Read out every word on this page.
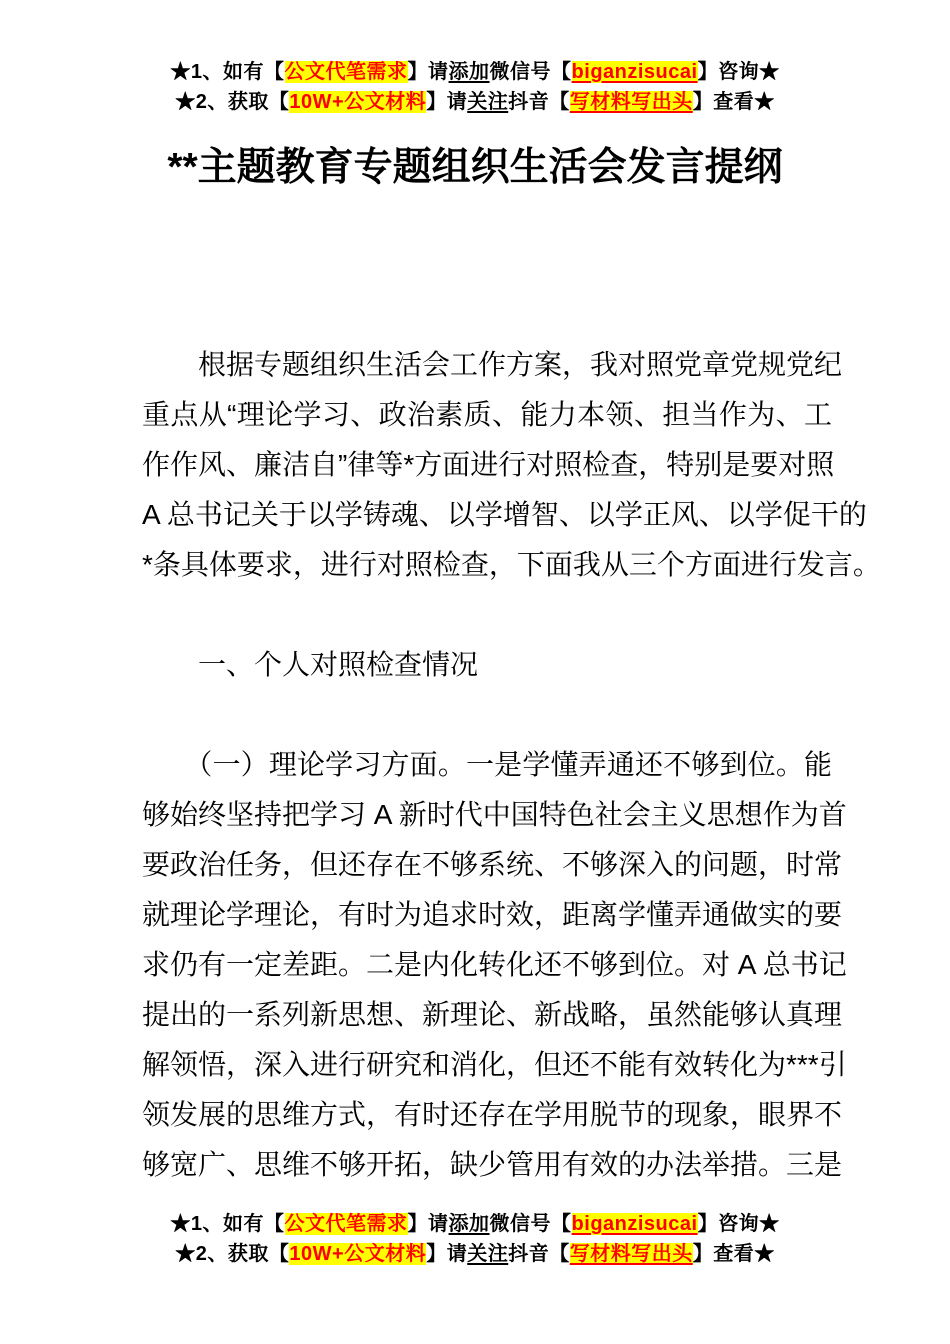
★1、如有【公文代笔需求】请添加微信号【biganzisucai】咨询★
★2、获取【10W+公文材料】请关注抖音【写材料写出头】查看★
**主题教育专题组织生活会发言提纲
　　根据专题组织生活会工作方案，我对照党章党规党纪
重点从“理论学习、政治素质、能力本领、担当作为、工
作作风、廉洁自”律等*方面进行对照检查，特别是要对照
A 总书记关于以学铸魂、以学增智、以学正风、以学促干的
*条具体要求，进行对照检查，下面我从三个方面进行发言。
　　一、个人对照检查情况
　　（一）理论学习方面。一是学懂弄通还不够到位。能
够始终坚持把学习 A 新时代中国特色社会主义思想作为首
要政治任务，但还存在不够系统、不够深入的问题，时常
就理论学理论，有时为追求时效，距离学懂弄通做实的要
求仍有一定差距。二是内化转化还不够到位。对 A 总书记
提出的一系列新思想、新理论、新战略，虽然能够认真理
解领悟，深入进行研究和消化，但还不能有效转化为***引
领发展的思维方式，有时还存在学用脱节的现象，眼界不
够宽广、思维不够开拓，缺少管用有效的办法举措。三是
★1、如有【公文代笔需求】请添加微信号【biganzisucai】咨询★
★2、获取【10W+公文材料】请关注抖音【写材料写出头】查看★
